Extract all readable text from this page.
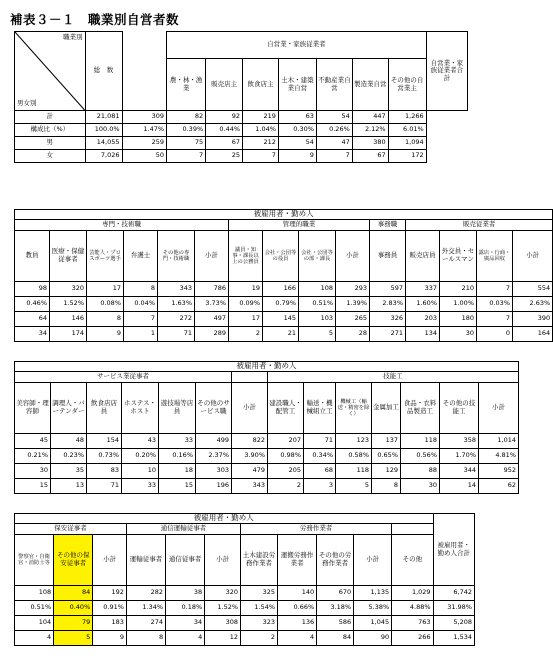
補表３－１　職業別自営者数
職業別
男女別	総　数		自営業・家族従業者							自営業・家族従業者合計
			農・林・漁業	販売店主	飲食店主	土木・建築業自営	不動産業自営	製造業自営	その他の自営業主	
計	21,081	309	82	92	219	63	54	447	1,266	
構成比（%）	100.0%	1.47%	0.39%	0.44%	1.04%	0.30%	0.26%	2.12%	6.01%	
男	14,055	259	75	67	212	54	47	380	1,094	
女	7,026	50	7	25	7	9	7	67	172	
被雇用者・勤め人														
専門・技術職						管理的職業				事務職	販売従業者			
教員	医療・保健従事者	芸能人・プロスポーツ選手	弁護士	その他の専門・技術職	小計	議員・知事・課長以上の公務員	会社・公団等の役員	会社・公団等の部・課長	小計	事務員	販売店員	外交員・セールスマン	露店・行商・廣品回収	小計
98	320	17	8	343	786	19	166	108	293	597	337	210	7	554
0.46%	1.52%	0.08%	0.04%	1.63%	3.73%	0.09%	0.79%	0.51%	1.39%	2.83%	1.60%	1.00%	0.03%	2.63%
64	146	8	7	272	497	17	145	103	265	326	203	180	7	390
34	174	9	1	71	289	2	21	5	28	271	134	30	0	164
被雇用者・勤め人													
サービス業従事者							技能工						
美容師・理容師	調理人・バーテンダー	飲食店店員	ホステス・ホスト	遊技場等店員	その他のサービス職	小計	建設職人・配管工	輸送・機械組立工	機械工（輸送・精密を除く）	金属加工	食品・衣料品製造工	その他の技能工	小計
45	48	154	43	33	499	822	207	71	123	137	118	358	1,014
0.21%	0.23%	0.73%	0.20%	0.16%	2.37%	3.90%	0.98%	0.34%	0.58%	0.65%	0.56%	1.70%	4.81%
30	35	83	10	18	303	479	205	68	118	129	88	344	952
15	13	71	33	15	196	343	2	3	5	8	30	14	62
被雇用者・勤め人											被雇用者・勤め人合計
保安従事者			通信運輸従事者			労務作業者					
警察官・自衛官・消防士等	その他の保安従事者	小計	運輸従事者	通信従事者	小計	土木建設労務作業者	運搬労務作業者	その他の労務作業者	小計	その他	
108	84	192	282	38	320	325	140	670	1,135	1,029	6,742
0.51%	0.40%	0.91%	1.34%	0.18%	1.52%	1.54%	0.66%	3.18%	5.38%	4.88%	31.98%
104	79	183	274	34	308	323	136	586	1,045	763	5,208
4	5	9	8	4	12	2	4	84	90	266	1,534
